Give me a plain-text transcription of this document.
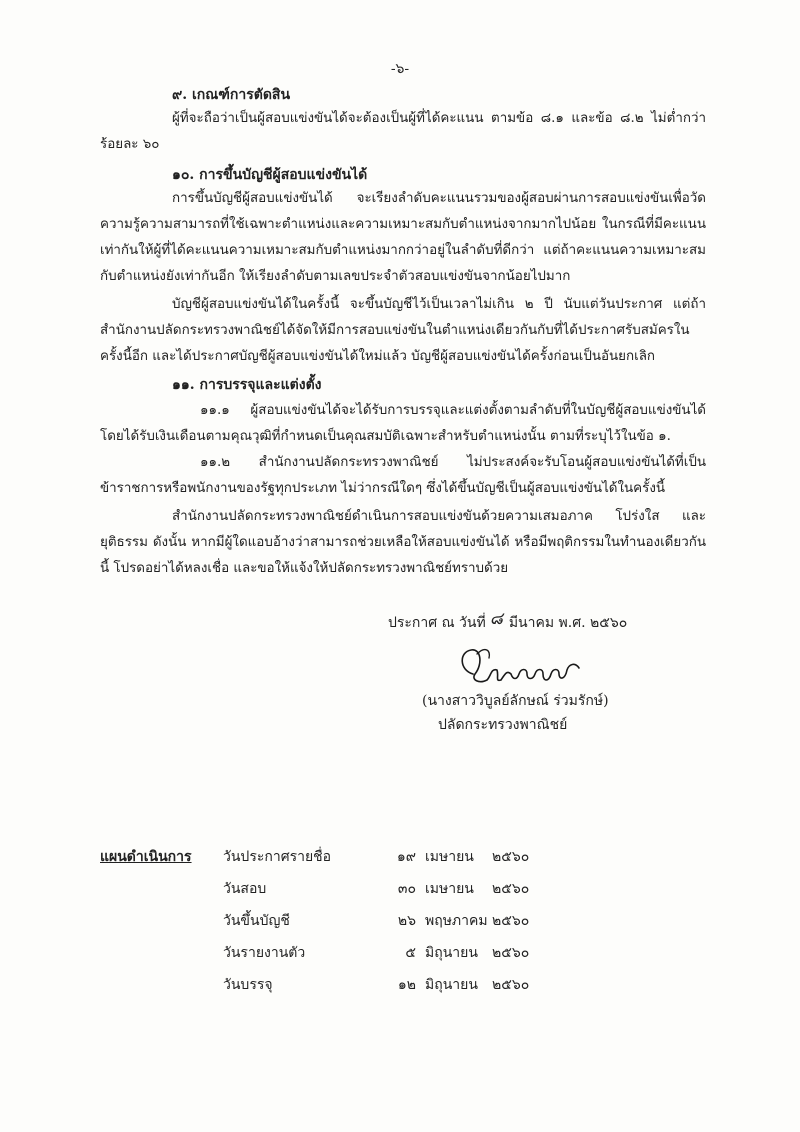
-๖-
๙. เกณฑ์การตัดสิน
ผู้ที่จะถือว่าเป็นผู้สอบแข่งขันได้จะต้องเป็นผู้ที่ได้คะแนน ตามข้อ ๘.๑ และข้อ ๘.๒ ไม่ต่ำกว่าร้อยละ ๖๐
๑๐. การขึ้นบัญชีผู้สอบแข่งขันได้
การขึ้นบัญชีผู้สอบแข่งขันได้ จะเรียงลำดับคะแนนรวมของผู้สอบผ่านการสอบแข่งขันเพื่อวัดความรู้ความสามารถที่ใช้เฉพาะตำแหน่งและความเหมาะสมกับตำแหน่งจากมากไปน้อย ในกรณีที่มีคะแนนเท่ากันให้ผู้ที่ได้คะแนนความเหมาะสมกับตำแหน่งมากกว่าอยู่ในลำดับที่ดีกว่า แต่ถ้าคะแนนความเหมาะสมกับตำแหน่งยังเท่ากันอีก ให้เรียงลำดับตามเลขประจำตัวสอบแข่งขันจากน้อยไปมาก
บัญชีผู้สอบแข่งขันได้ในครั้งนี้ จะขึ้นบัญชีไว้เป็นเวลาไม่เกิน ๒ ปี นับแต่วันประกาศ แต่ถ้าสำนักงานปลัดกระทรวงพาณิชย์ได้จัดให้มีการสอบแข่งขันในตำแหน่งเดียวกันกับที่ได้ประกาศรับสมัครในครั้งนี้อีก และได้ประกาศบัญชีผู้สอบแข่งขันได้ใหม่แล้ว บัญชีผู้สอบแข่งขันได้ครั้งก่อนเป็นอันยกเลิก
๑๑. การบรรจุและแต่งตั้ง
๑๑.๑ ผู้สอบแข่งขันได้จะได้รับการบรรจุและแต่งตั้งตามลำดับที่ในบัญชีผู้สอบแข่งขันได้ โดยได้รับเงินเดือนตามคุณวุฒิที่กำหนดเป็นคุณสมบัติเฉพาะสำหรับตำแหน่งนั้น ตามที่ระบุไว้ในข้อ ๑.
๑๑.๒ สำนักงานปลัดกระทรวงพาณิชย์ ไม่ประสงค์จะรับโอนผู้สอบแข่งขันได้ที่เป็นข้าราชการหรือพนักงานของรัฐทุกประเภท ไม่ว่ากรณีใดๆ ซึ่งได้ขึ้นบัญชีเป็นผู้สอบแข่งขันได้ในครั้งนี้
สำนักงานปลัดกระทรวงพาณิชย์ดำเนินการสอบแข่งขันด้วยความเสมอภาค โปร่งใส และยุติธรรม ดังนั้น หากมีผู้ใดแอบอ้างว่าสามารถช่วยเหลือให้สอบแข่งขันได้ หรือมีพฤติกรรมในทำนองเดียวกันนี้ โปรดอย่าได้หลงเชื่อ และขอให้แจ้งให้ปลัดกระทรวงพาณิชย์ทราบด้วย
ประกาศ ณ วันที่ ๘ มีนาคม พ.ศ. ๒๕๖๐
(นางสาววิบูลย์ลักษณ์ ร่วมรักษ์)
ปลัดกระทรวงพาณิชย์
แผนดำเนินการ วันประกาศรายชื่อ	๑๙ เมษายน ๒๕๖๐
วันสอบ	๓๐ เมษายน ๒๕๖๐
วันขึ้นบัญชี	๒๖ พฤษภาคม ๒๕๖๐
วันรายงานตัว	๕ มิถุนายน ๒๕๖๐
วันบรรจุ	๑๒ มิถุนายน ๒๕๖๐
